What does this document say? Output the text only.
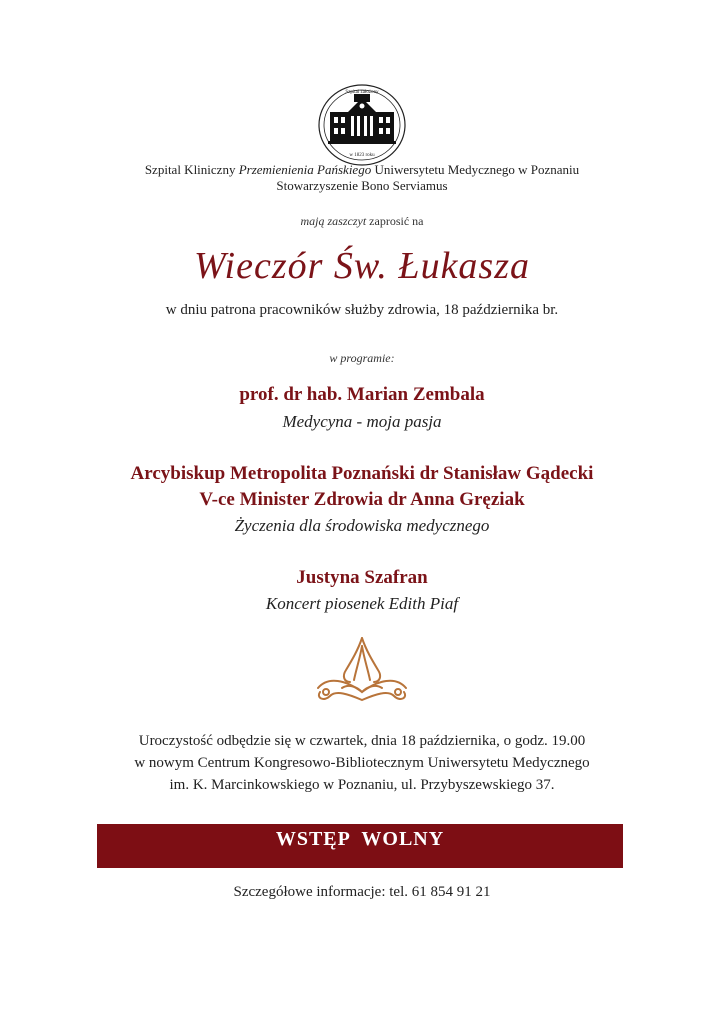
Szpital założony
w 1823 roku
Szpital Kliniczny Przemienienia Pańskiego Uniwersytetu Medycznego w Poznaniu
Stowarzyszenie Bono Serviamus
mają zaszczyt zaprosić na
Wieczór Św. Łukasza
w dniu patrona pracowników służby zdrowia, 18 października br.
w programie:
prof. dr hab. Marian Zembala
Medycyna - moja pasja
Arcybiskup Metropolita Poznański dr Stanisław Gądecki
V-ce Minister Zdrowia dr Anna Gręziak
Życzenia dla środowiska medycznego
Justyna Szafran
Koncert piosenek Edith Piaf
Uroczystość odbędzie się w czwartek, dnia 18 października, o godz. 19.00
w nowym Centrum Kongresowo-Bibliotecznym Uniwersytetu Medycznego
im. K. Marcinkowskiego w Poznaniu, ul. Przybyszewskiego 37.
WSTĘP WOLNY
Szczegółowe informacje: tel. 61 854 91 21
